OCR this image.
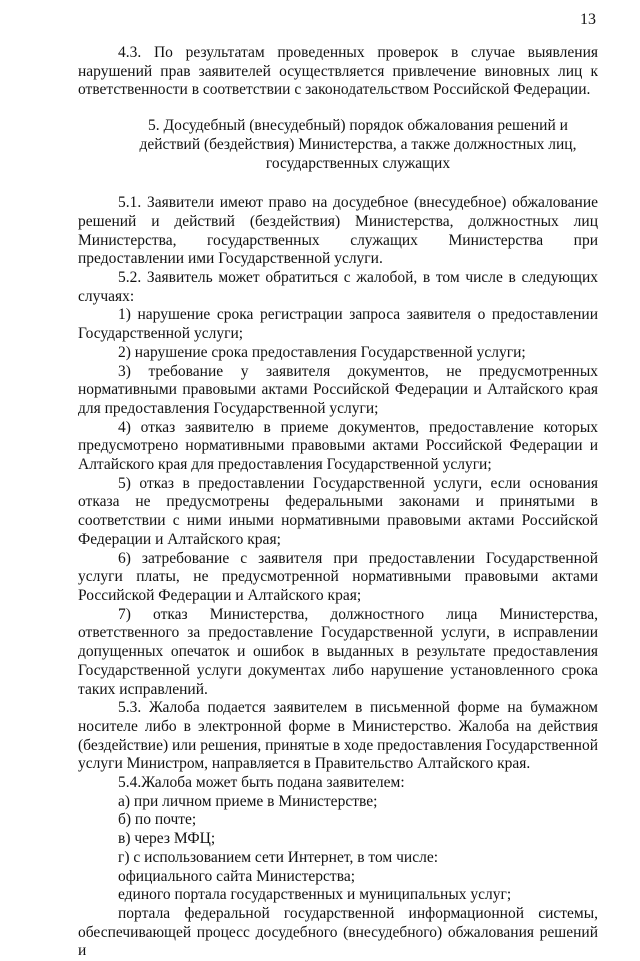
13

4.3. По результатам проведенных проверок в случае выявления нарушений прав заявителей осуществляется привлечение виновных лиц к ответственности в соответствии с законодательством Российской Федерации.

5. Досудебный (внесудебный) порядок обжалования решений и действий (бездействия) Министерства, а также должностных лиц, государственных служащих

5.1. Заявители имеют право на досудебное (внесудебное) обжалование решений и действий (бездействия) Министерства, должностных лиц Министерства, государственных служащих Министерства при предоставлении ими Государственной услуги.

5.2. Заявитель может обратиться с жалобой, в том числе в следующих случаях:

1) нарушение срока регистрации запроса заявителя о предоставлении Государственной услуги;

2) нарушение срока предоставления Государственной услуги;

3) требование у заявителя документов, не предусмотренных нормативными правовыми актами Российской Федерации и Алтайского края для предоставления Государственной услуги;

4) отказ заявителю в приеме документов, предоставление которых предусмотрено нормативными правовыми актами Российской Федерации и Алтайского края для предоставления Государственной услуги;

5) отказ в предоставлении Государственной услуги, если основания отказа не предусмотрены федеральными законами и принятыми в соответствии с ними иными нормативными правовыми актами Российской Федерации и Алтайского края;

6) затребование с заявителя при предоставлении Государственной услуги платы, не предусмотренной нормативными правовыми актами Российской Федерации и Алтайского края;

7) отказ Министерства, должностного лица Министерства, ответственного за предоставление Государственной услуги, в исправлении допущенных опечаток и ошибок в выданных в результате предоставления Государственной услуги документах либо нарушение установленного срока таких исправлений.

5.3. Жалоба подается заявителем в письменной форме на бумажном носителе либо в электронной форме в Министерство. Жалоба на действия (бездействие) или решения, принятые в ходе предоставления Государственной услуги Министром, направляется в Правительство Алтайского края.

5.4.Жалоба может быть подана заявителем:

а) при личном приеме в Министерстве;

б) по почте;

в) через МФЦ;

г) с использованием сети Интернет, в том числе:

официального сайта Министерства;

единого портала государственных и муниципальных услуг;

портала федеральной государственной информационной системы, обеспечивающей процесс досудебного (внесудебного) обжалования решений и
